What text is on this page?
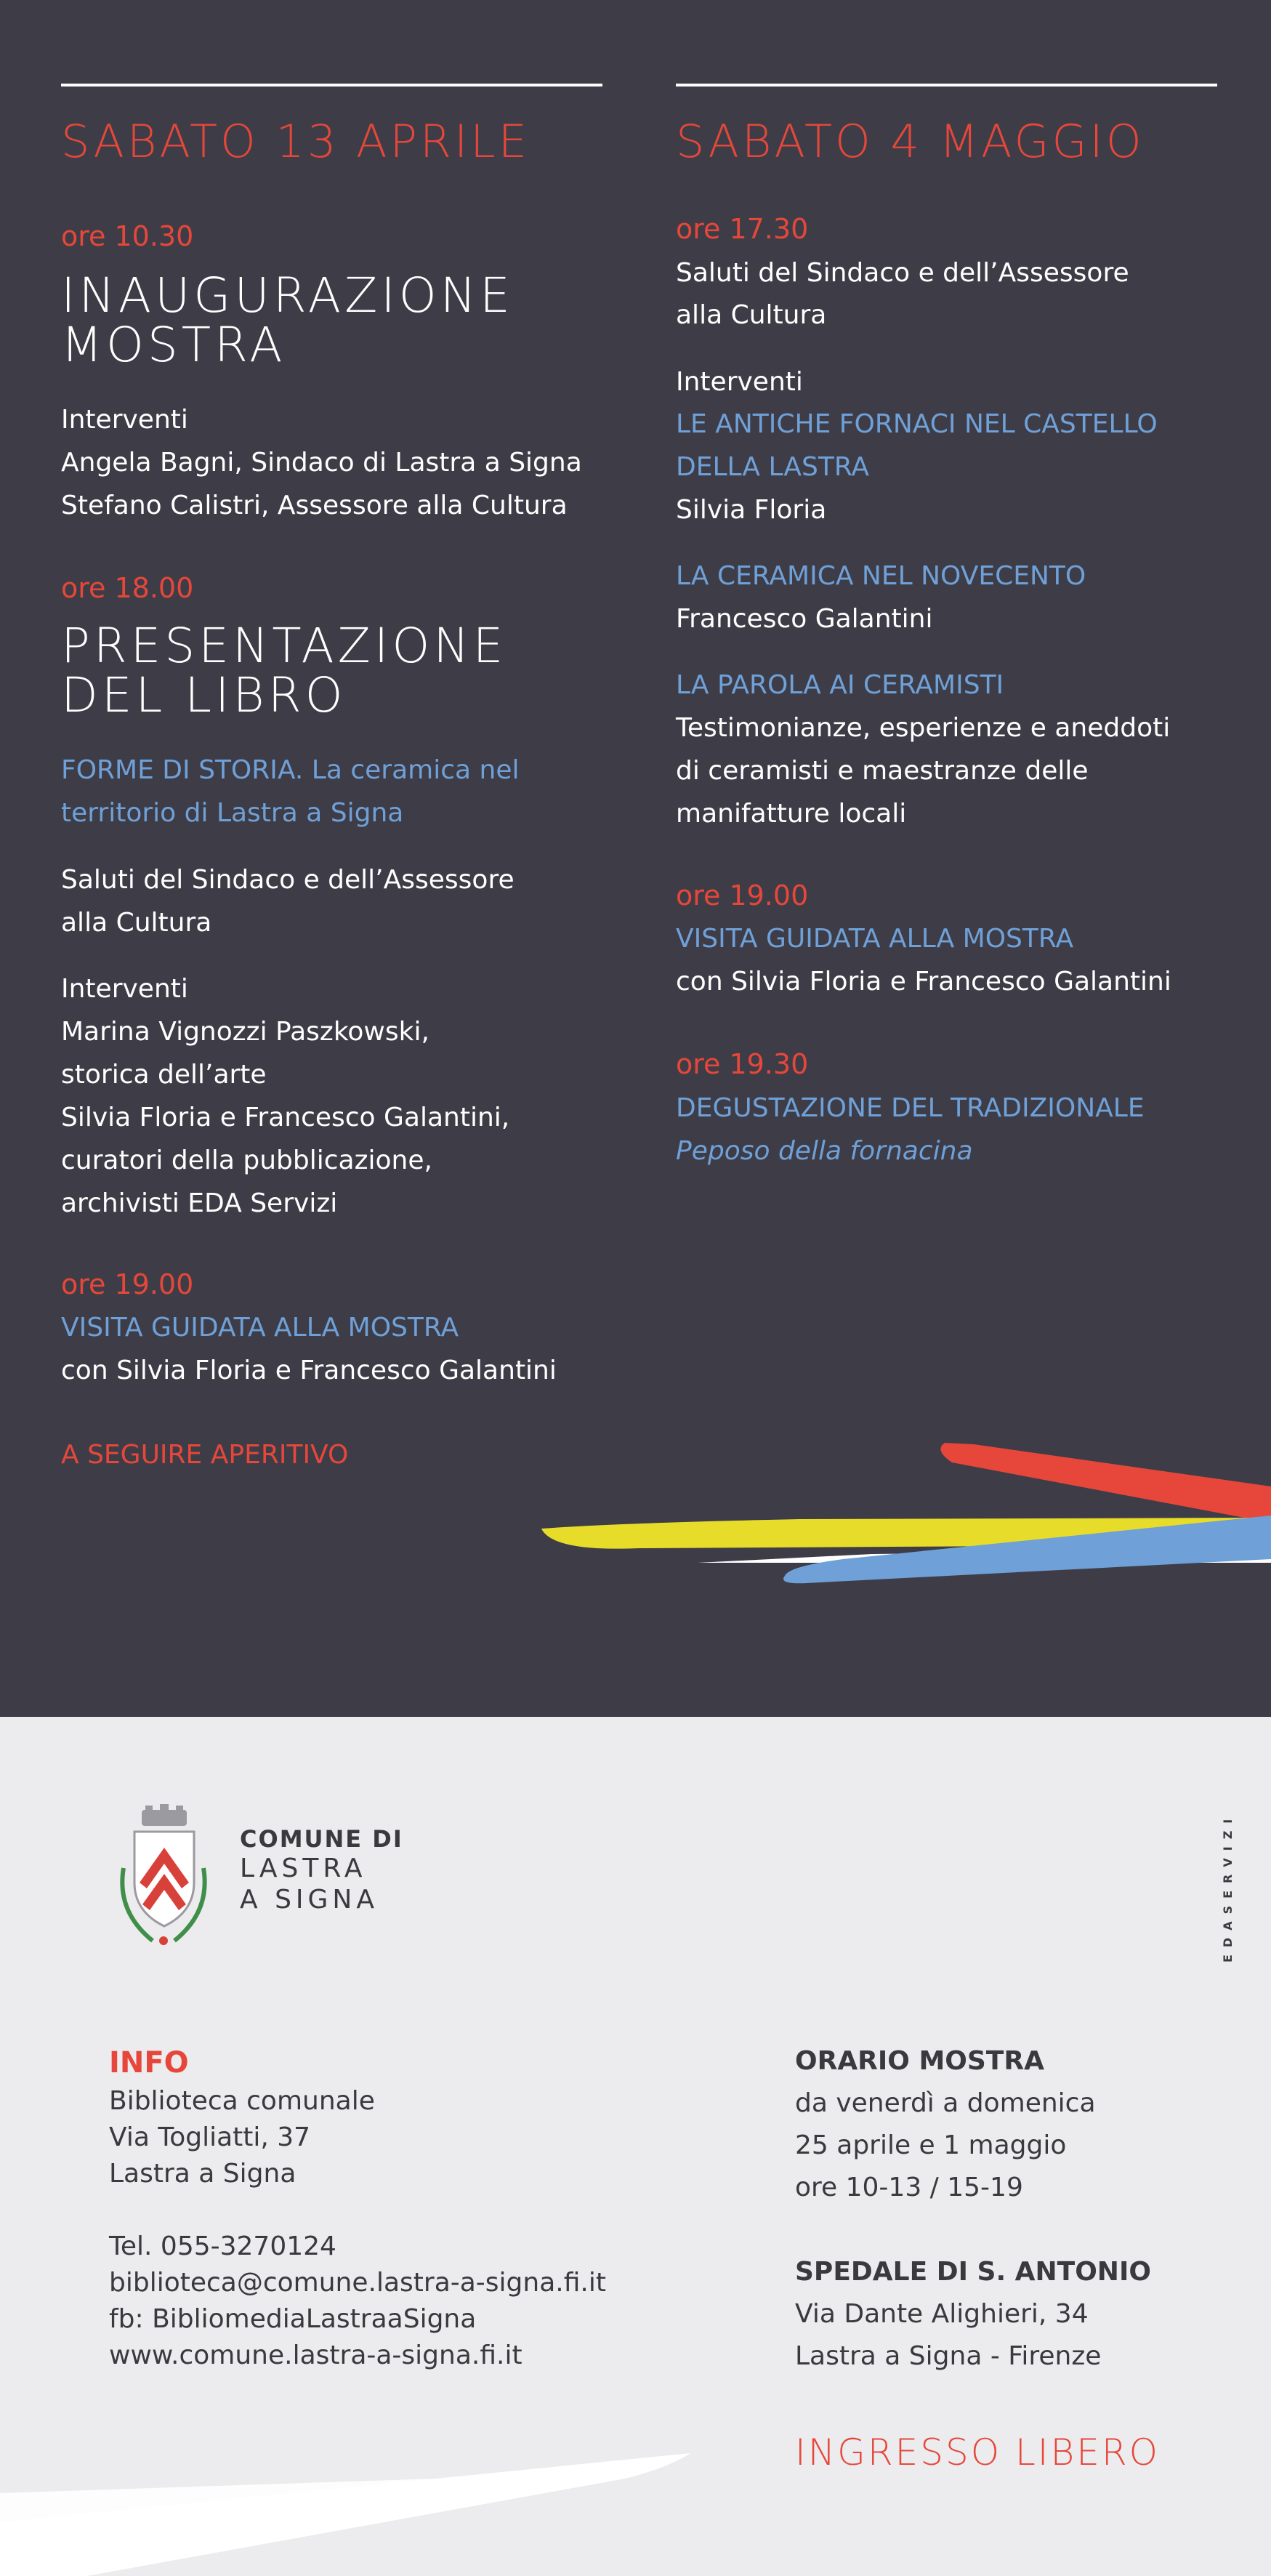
SABATO 13 APRILE
ore 10.30
INAUGURAZIONE
MOSTRA
Interventi
Angela Bagni, Sindaco di Lastra a Signa
Stefano Calistri, Assessore alla Cultura
ore 18.00
PRESENTAZIONE
DEL LIBRO
FORME DI STORIA. La ceramica nel
territorio di Lastra a Signa
Saluti del Sindaco e dell’Assessore
alla Cultura
Interventi
Marina Vignozzi Paszkowski,
storica dell’arte
Silvia Floria e Francesco Galantini,
curatori della pubblicazione,
archivisti EDA Servizi
ore 19.00
VISITA GUIDATA ALLA MOSTRA
con Silvia Floria e Francesco Galantini
A SEGUIRE APERITIVO
SABATO 4 MAGGIO
ore 17.30
Saluti del Sindaco e dell’Assessore
alla Cultura
Interventi
LE ANTICHE FORNACI NEL CASTELLO
DELLA LASTRA
Silvia Floria
LA CERAMICA NEL NOVECENTO
Francesco Galantini
LA PAROLA AI CERAMISTI
Testimonianze, esperienze e aneddoti
di ceramisti e maestranze delle
manifatture locali
ore 19.00
VISITA GUIDATA ALLA MOSTRA
con Silvia Floria e Francesco Galantini
ore 19.30
DEGUSTAZIONE DEL TRADIZIONALE
Peposo della fornacina
COMUNE DI
LASTRA
A SIGNA	EDASERVIZI
INFO
Biblioteca comunale
Via Togliatti, 37
Lastra a Signa
Tel. 055-3270124
biblioteca@comune.lastra-a-signa.fi.it
fb: BibliomediaLastraaSigna
www.comune.lastra-a-signa.fi.it
ORARIO MOSTRA
da venerdì a domenica
25 aprile e 1 maggio
ore 10-13 / 15-19
SPEDALE DI S. ANTONIO
Via Dante Alighieri, 34
Lastra a Signa - Firenze
INGRESSO LIBERO
